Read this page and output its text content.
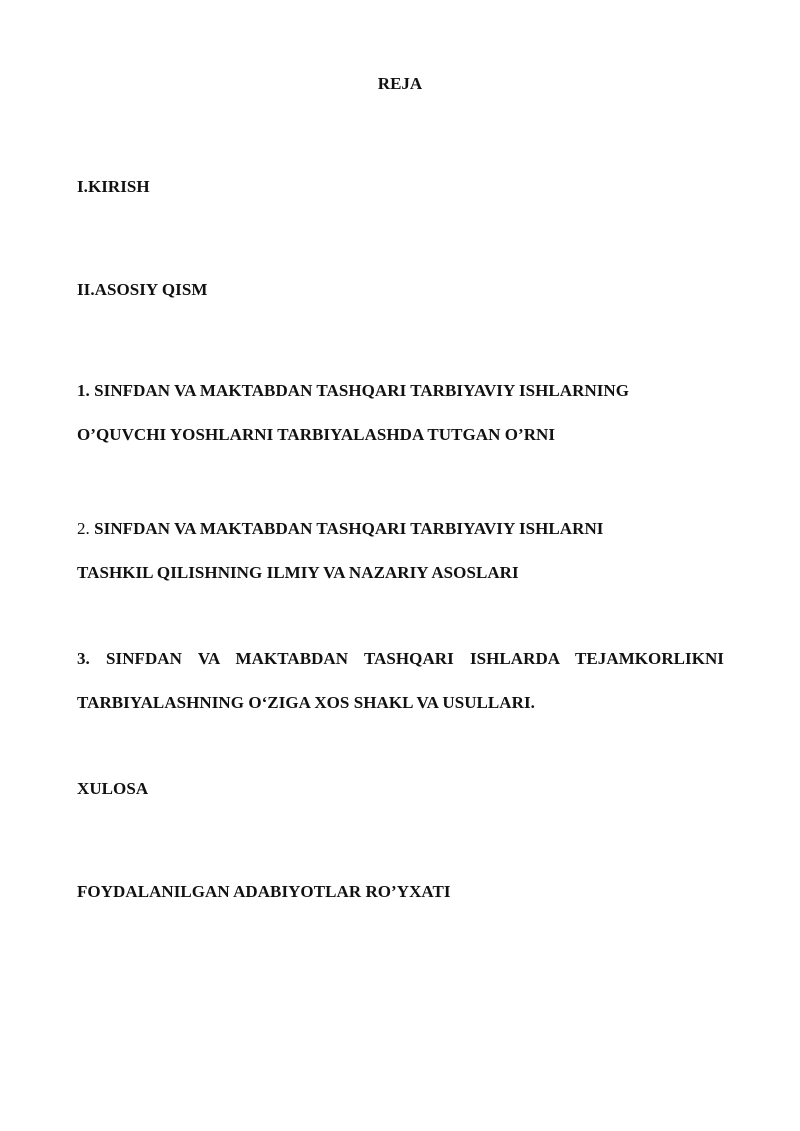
REJA
I.KIRISH
II.ASOSIY QISM
1. SINFDAN VA MAKTABDAN TASHQARI TARBIYAVIY ISHLARNING
O’QUVCHI YOSHLARNI TARBIYALASHDA TUTGAN O’RNI
2. SINFDAN VA MAKTABDAN TASHQARI TARBIYAVIY ISHLARNI
TASHKIL QILISHNING ILMIY VA NAZARIY ASOSLARI
3. SINFDAN VA MAKTABDAN TASHQARI ISHLARDA TEJAMKORLIKNI
TARBIYALASHNING O‘ZIGA XOS SHAKL VA USULLARI.
XULOSA
FOYDALANILGAN ADABIYOTLAR RO’YXATI
